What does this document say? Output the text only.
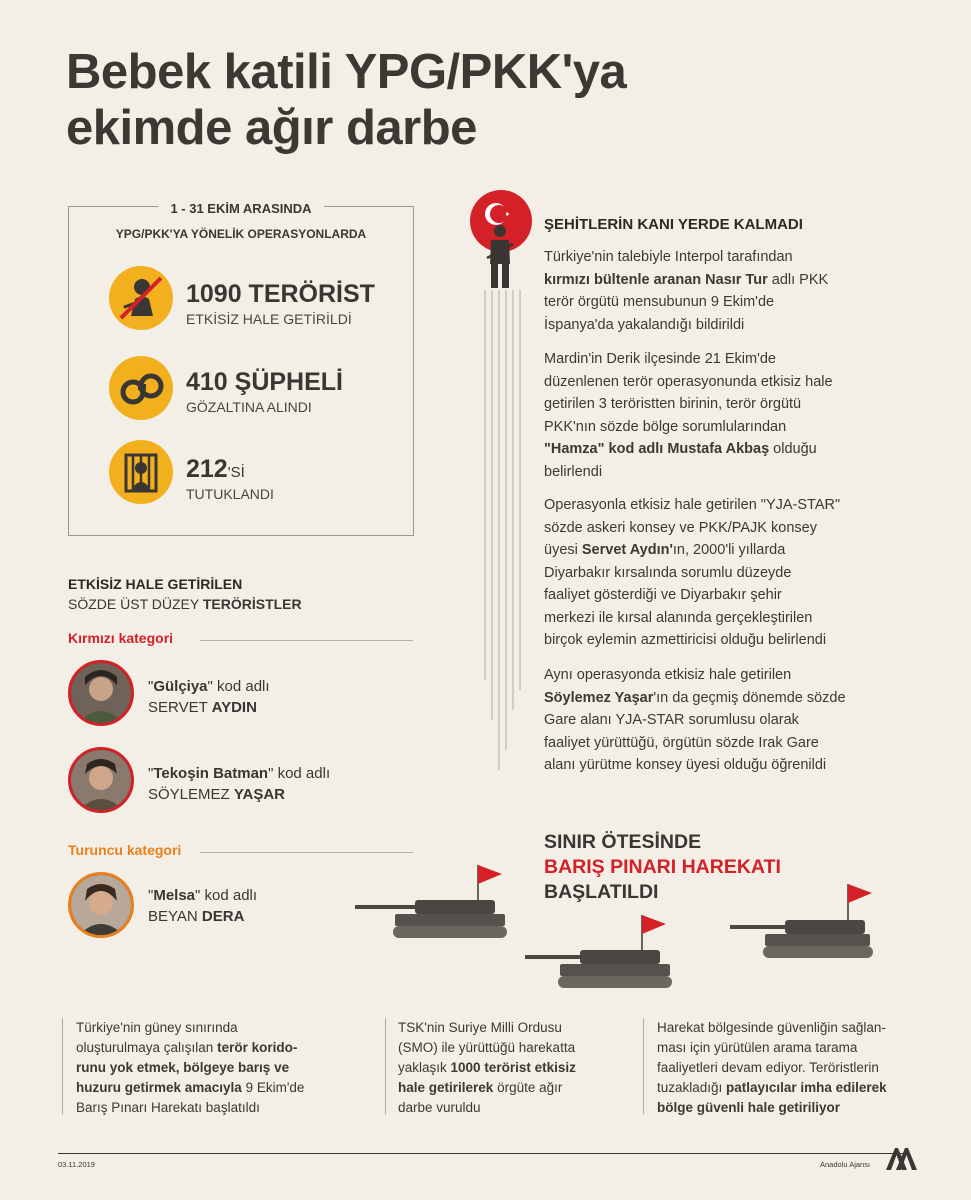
Bebek katili YPG/PKK'ya
ekimde ağır darbe
1 - 31 EKİM ARASINDA
YPG/PKK'YA YÖNELİK OPERASYONLARDA
1090 TERÖRİST
ETKİSİZ HALE GETİRİLDİ
410 ŞÜPHELİ
GÖZALTINA ALINDI
212'Sİ
TUTUKLANDI
ETKİSİZ HALE GETİRİLEN
SÖZDE ÜST DÜZEY TERÖRİSTLER
Kırmızı kategori
"Gülçiya" kod adlı
SERVET AYDIN
"Tekoşin Batman" kod adlı
SÖYLEMEZ YAŞAR
Turuncu kategori
"Melsa" kod adlı
BEYAN DERA
ŞEHİTLERİN KANI YERDE KALMADI
Türkiye'nin talebiyle Interpol tarafından
kırmızı bültenle aranan Nasır Tur adlı PKK
terör örgütü mensubunun 9 Ekim'de
İspanya'da yakalandığı bildirildi
Mardin'in Derik ilçesinde 21 Ekim'de
düzenlenen terör operasyonunda etkisiz hale
getirilen 3 teröristten birinin, terör örgütü
PKK'nın sözde bölge sorumlularından
"Hamza" kod adlı Mustafa Akbaş olduğu
belirlendi
Operasyonla etkisiz hale getirilen "YJA-STAR"
sözde askeri konsey ve PKK/PAJK konsey
üyesi Servet Aydın'ın, 2000'li yıllarda
Diyarbakır kırsalında sorumlu düzeyde
faaliyet gösterdiği ve Diyarbakır şehir
merkezi ile kırsal alanında gerçekleştirilen
birçok eylemin azmettiricisi olduğu belirlendi
Aynı operasyonda etkisiz hale getirilen
Söylemez Yaşar'ın da geçmiş dönemde sözde
Gare alanı YJA-STAR sorumlusu olarak
faaliyet yürüttüğü, örgütün sözde Irak Gare
alanı yürütme konsey üyesi olduğu öğrenildi
SINIR ÖTESİNDE
BARIŞ PINARI HAREKATI
BAŞLATILDI
Türkiye'nin güney sınırında
oluşturulmaya çalışılan terör korido-
runu yok etmek, bölgeye barış ve
huzuru getirmek amacıyla 9 Ekim'de
Barış Pınarı Harekatı başlatıldı
TSK'nin Suriye Milli Ordusu
(SMO) ile yürüttüğü harekatta
yaklaşık 1000 terörist etkisiz
hale getirilerek örgüte ağır
darbe vuruldu
Harekat bölgesinde güvenliğin sağlan-
ması için yürütülen arama tarama
faaliyetleri devam ediyor. Teröristlerin
tuzakladığı patlayıcılar imha edilerek
bölge güvenli hale getiriliyor
03.11.2019	Anadolu Ajansı
